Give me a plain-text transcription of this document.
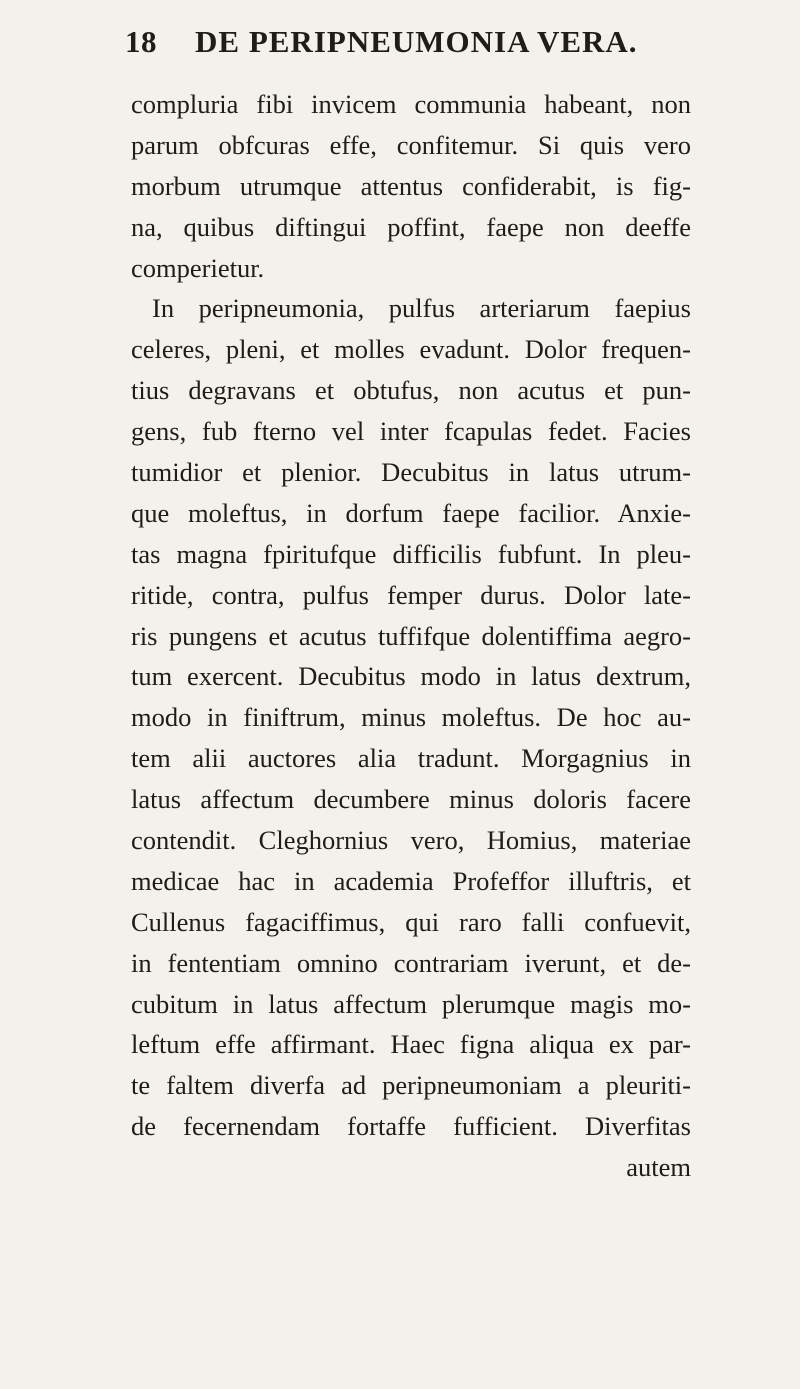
18 DE PERIPNEUMONIA VERA.
compluria fibi invicem communia habeant, non
parum obfcuras effe, confitemur. Si quis vero
morbum utrumque attentus confiderabit, is fig-
na, quibus diftingui poffint, faepe non deeffe
comperietur.
In peripneumonia, pulfus arteriarum faepius
celeres, pleni, et molles evadunt. Dolor frequen-
tius degravans et obtufus, non acutus et pun-
gens, fub fterno vel inter fcapulas fedet. Facies
tumidior et plenior. Decubitus in latus utrum-
que moleftus, in dorfum faepe facilior. Anxie-
tas magna fpiritufque difficilis fubfunt. In pleu-
ritide, contra, pulfus femper durus. Dolor late-
ris pungens et acutus tuffifque dolentiffima aegro-
tum exercent. Decubitus modo in latus dextrum,
modo in finiftrum, minus moleftus. De hoc au-
tem alii auctores alia tradunt. Morgagnius in
latus affectum decumbere minus doloris facere
contendit. Cleghornius vero, Homius, materiae
medicae hac in academia Profeffor illuftris, et
Cullenus fagaciffimus, qui raro falli confuevit,
in fententiam omnino contrariam iverunt, et de-
cubitum in latus affectum plerumque magis mo-
leftum effe affirmant. Haec figna aliqua ex par-
te faltem diverfa ad peripneumoniam a pleuriti-
de fecernendam fortaffe fufficient. Diverfitas
autem
